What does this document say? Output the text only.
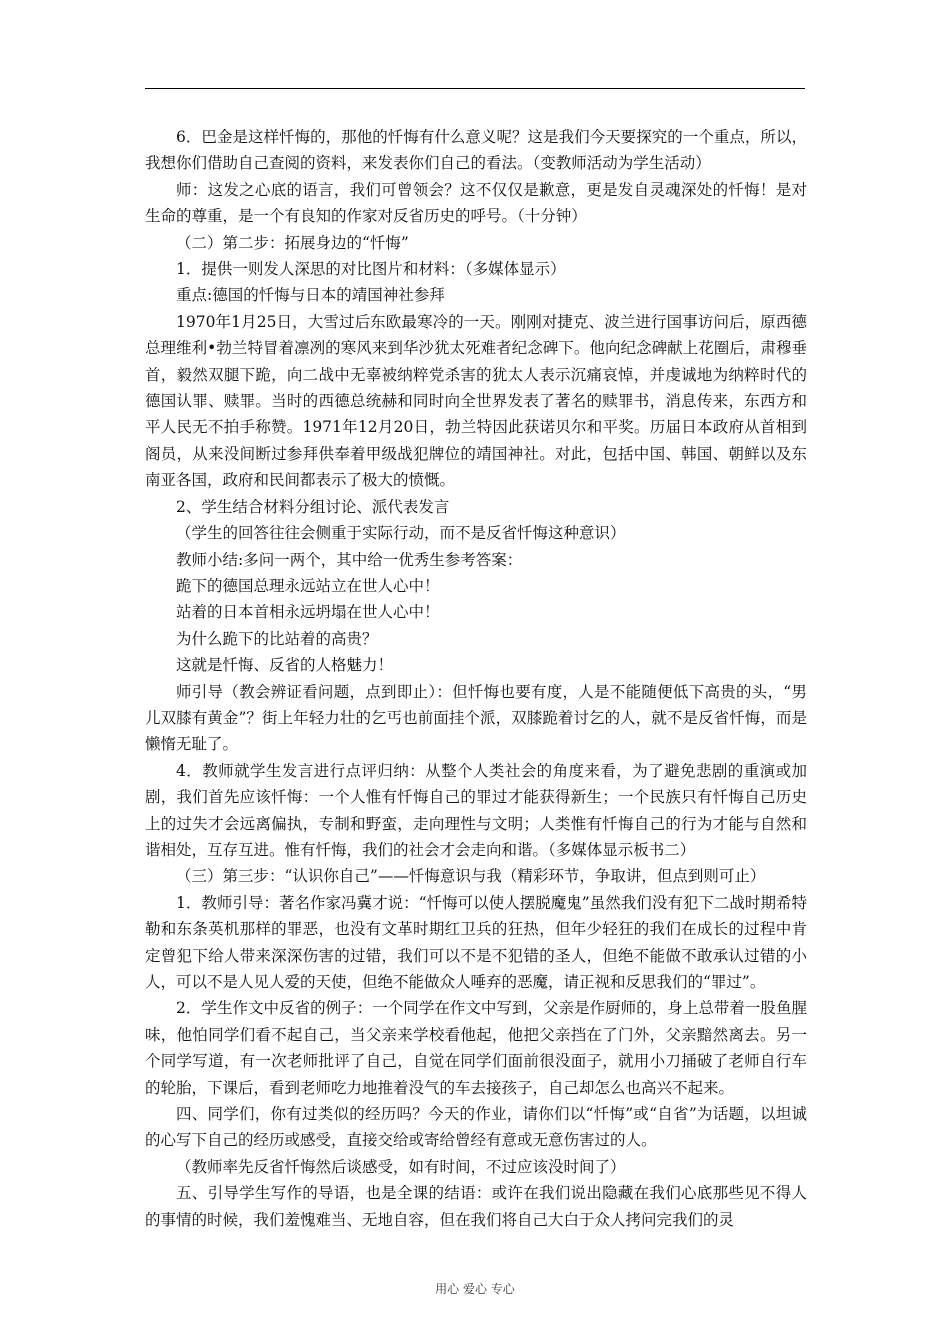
6．巴金是这样忏悔的，那他的忏悔有什么意义呢？这是我们今天要探究的一个重点，所以，我想你们借助自己查阅的资料，来发表你们自己的看法。（变教师活动为学生活动）

师：这发之心底的语言，我们可曾领会？这不仅仅是歉意，更是发自灵魂深处的忏悔！是对生命的尊重，是一个有良知的作家对反省历史的呼号。（十分钟）

（二）第二步：拓展身边的“忏悔”

1．提供一则发人深思的对比图片和材料：（多媒体显示）

重点:德国的忏悔与日本的靖国神社参拜

1970年1月25日，大雪过后东欧最寒冷的一天。刚刚对捷克、波兰进行国事访问后，原西德总理维利•勃兰特冒着凛冽的寒风来到华沙犹太死难者纪念碑下。他向纪念碑献上花圈后，肃穆垂首，毅然双腿下跪，向二战中无辜被纳粹党杀害的犹太人表示沉痛哀悼，并虔诚地为纳粹时代的德国认罪、赎罪。当时的西德总统赫和同时向全世界发表了著名的赎罪书，消息传来，东西方和平人民无不拍手称赞。1971年12月20日，勃兰特因此获诺贝尔和平奖。历届日本政府从首相到阁员，从来没间断过参拜供奉着甲级战犯牌位的靖国神社。对此，包括中国、韩国、朝鲜以及东南亚各国，政府和民间都表示了极大的愤慨。

2、学生结合材料分组讨论、派代表发言

（学生的回答往往会侧重于实际行动，而不是反省忏悔这种意识）

教师小结:多问一两个，其中给一优秀生参考答案：

跪下的德国总理永远站立在世人心中！

站着的日本首相永远坍塌在世人心中！

为什么跪下的比站着的高贵？

这就是忏悔、反省的人格魅力！

师引导（教会辨证看问题，点到即止）：但忏悔也要有度，人是不能随便低下高贵的头，“男儿双膝有黄金”？街上年轻力壮的乞丐也前面挂个派，双膝跪着讨乞的人，就不是反省忏悔，而是懒惰无耻了。

4．教师就学生发言进行点评归纳：从整个人类社会的角度来看，为了避免悲剧的重演或加剧，我们首先应该忏悔：一个人惟有忏悔自己的罪过才能获得新生；一个民族只有忏悔自己历史上的过失才会远离偏执，专制和野蛮，走向理性与文明；人类惟有忏悔自己的行为才能与自然和谐相处，互存互进。惟有忏悔，我们的社会才会走向和谐。（多媒体显示板书二）

（三）第三步：“认识你自己”——忏悔意识与我（精彩环节，争取讲，但点到则可止）

1．教师引导：著名作家冯冀才说：“忏悔可以使人摆脱魔鬼”虽然我们没有犯下二战时期希特勒和东条英机那样的罪恶，也没有文革时期红卫兵的狂热，但年少轻狂的我们在成长的过程中肯定曾犯下给人带来深深伤害的过错，我们可以不是不犯错的圣人，但绝不能做不敢承认过错的小人，可以不是人见人爱的天使，但绝不能做众人唾弃的恶魔，请正视和反思我们的“罪过”。

2．学生作文中反省的例子：一个同学在作文中写到，父亲是作厨师的，身上总带着一股鱼腥味，他怕同学们看不起自己，当父亲来学校看他起，他把父亲挡在了门外，父亲黯然离去。另一个同学写道，有一次老师批评了自己，自觉在同学们面前很没面子，就用小刀捅破了老师自行车的轮胎，下课后，看到老师吃力地推着没气的车去接孩子，自己却怎么也高兴不起来。

四、同学们，你有过类似的经历吗？今天的作业，请你们以“忏悔”或“自省”为话题，以坦诚的心写下自己的经历或感受，直接交给或寄给曾经有意或无意伤害过的人。

（教师率先反省忏悔然后谈感受，如有时间，不过应该没时间了）

五、引导学生写作的导语，也是全课的结语：或许在我们说出隐藏在我们心底那些见不得人的事情的时候，我们羞愧难当、无地自容，但在我们将自己大白于众人拷问完我们的灵

用心 爱心 专心
